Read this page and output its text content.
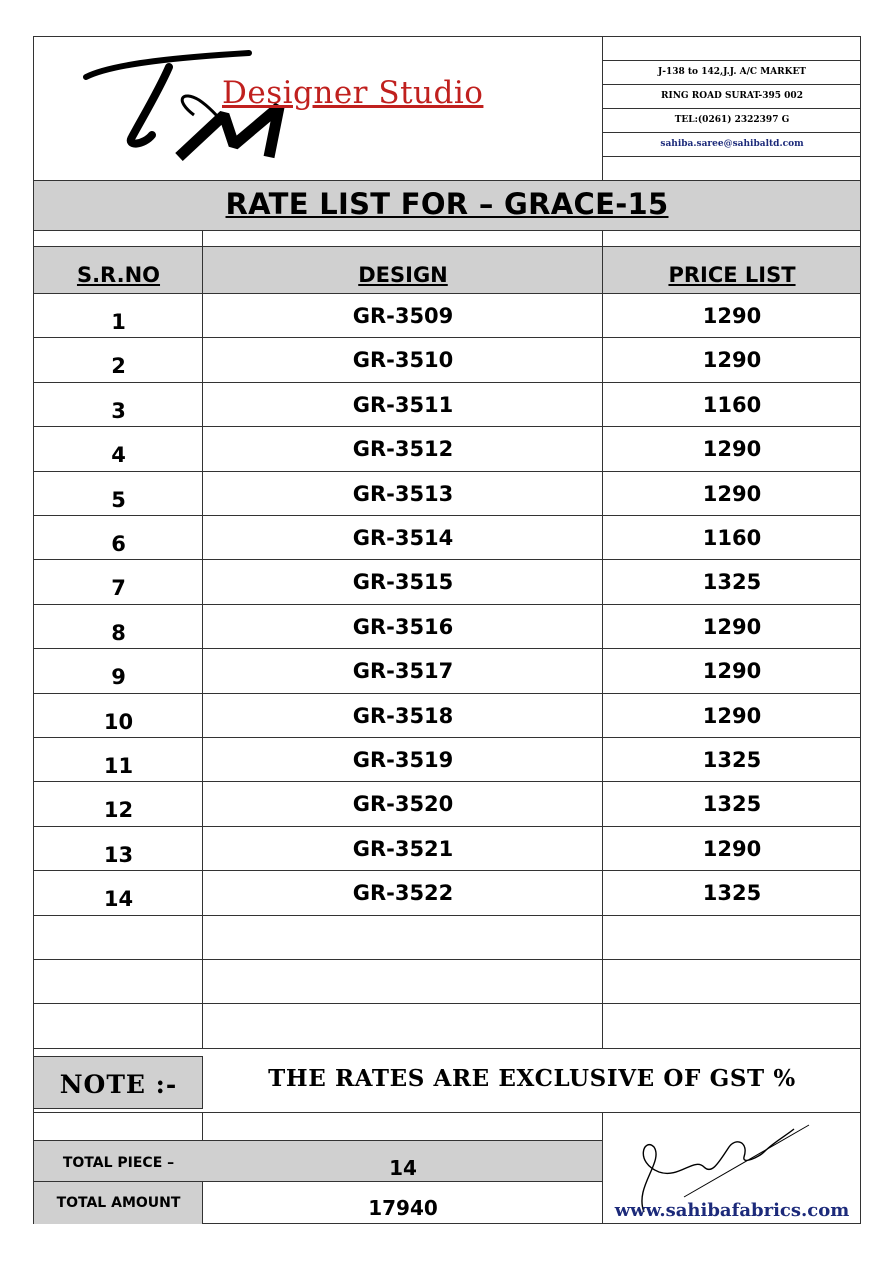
Designer Studio
J-138 to 142,J.J. A/C MARKET
RING ROAD SURAT-395 002
TEL:(0261) 2322397 G
sahiba.saree@sahibaltd.com
RATE LIST FOR – GRACE-15
S.R.NO	DESIGN	PRICE LIST
1	GR-3509	1290
2	GR-3510	1290
3	GR-3511	1160
4	GR-3512	1290
5	GR-3513	1290
6	GR-3514	1160
7	GR-3515	1325
8	GR-3516	1290
9	GR-3517	1290
10	GR-3518	1290
11	GR-3519	1325
12	GR-3520	1325
13	GR-3521	1290
14	GR-3522	1325
NOTE :-	THE RATES ARE EXCLUSIVE OF GST %
TOTAL PIECE –	14
TOTAL AMOUNT	17940	www.sahibafabrics.com
